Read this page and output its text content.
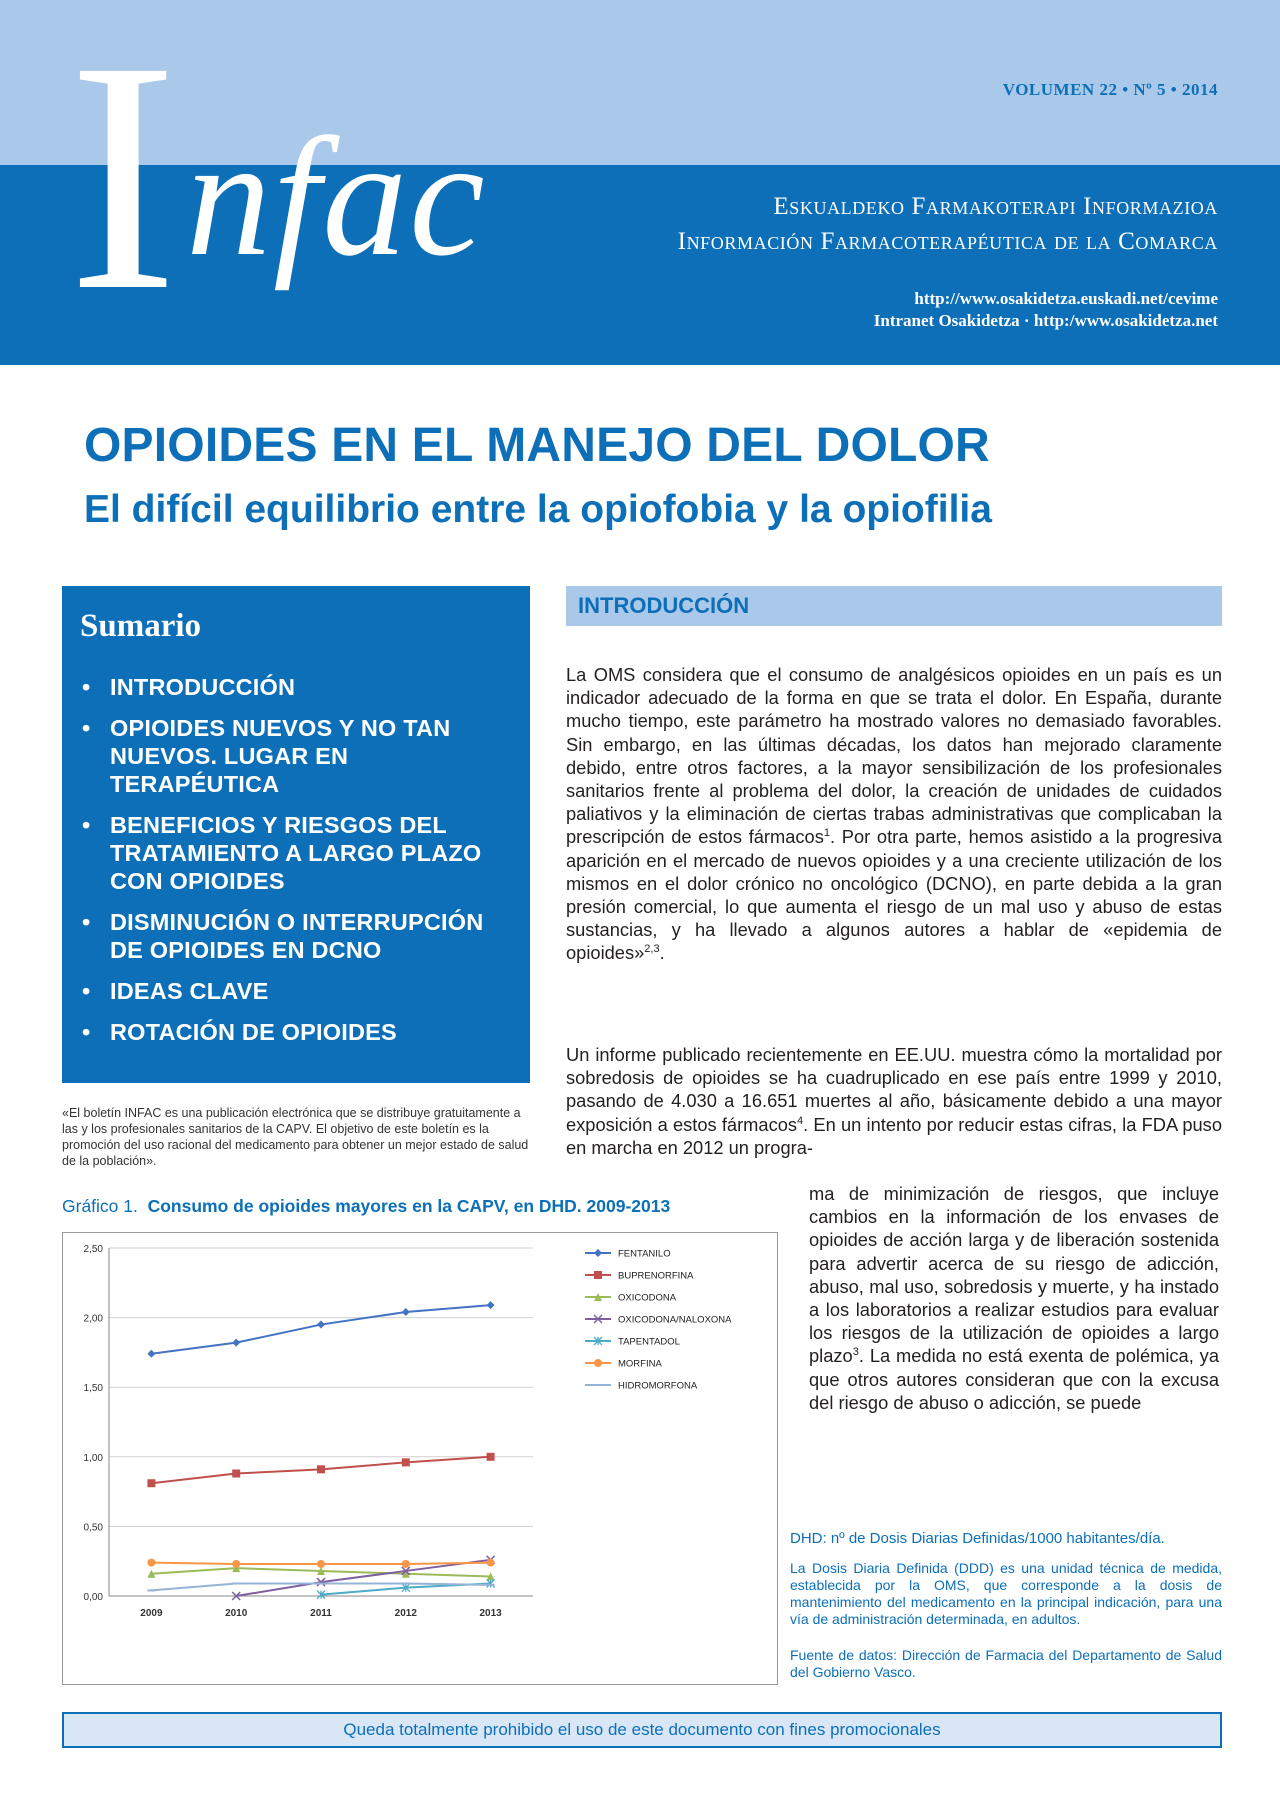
I nfac
VOLUMEN 22 • Nº 5 • 2014
Eskualdeko Farmakoterapi Informazioa
Información Farmacoterapéutica de la Comarca
http://www.osakidetza.euskadi.net/cevime
Intranet Osakidetza · http:/www.osakidetza.net
OPIOIDES EN EL MANEJO DEL DOLOR
El difícil equilibrio entre la opiofobia y la opiofilia
Sumario
• INTRODUCCIÓN
• OPIOIDES NUEVOS Y NO TAN NUEVOS. LUGAR EN TERAPÉUTICA
• BENEFICIOS Y RIESGOS DEL TRATAMIENTO A LARGO PLAZO CON OPIOIDES
• DISMINUCIÓN O INTERRUPCIÓN DE OPIOIDES EN DCNO
• IDEAS CLAVE
• ROTACIÓN DE OPIOIDES

«El boletín INFAC es una publicación electrónica que se distribuye gratuitamente a las y los profesionales sanitarios de la CAPV. El objetivo de este boletín es la promoción del uso racional del medicamento para obtener un mejor estado de salud de la población».

INTRODUCCIÓN

La OMS considera que el consumo de analgésicos opioides en un país es un indicador adecuado de la forma en que se trata el dolor. En España, durante mucho tiempo, este parámetro ha mostrado valores no demasiado favorables. Sin embargo, en las últimas décadas, los datos han mejorado claramente debido, entre otros factores, a la mayor sensibilización de los profesionales sanitarios frente al problema del dolor, la creación de unidades de cuidados paliativos y la eliminación de ciertas trabas administrativas que complicaban la prescripción de estos fármacos$^1$. Por otra parte, hemos asistido a la progresiva aparición en el mercado de nuevos opioides y a una creciente utilización de los mismos en el dolor crónico no oncológico (DCNO), en parte debida a la gran presión comercial, lo que aumenta el riesgo de un mal uso y abuso de estas sustancias, y ha llevado a algunos autores a hablar de «epidemia de opioides»$^{2,3}$.

Un informe publicado recientemente en EE.UU. muestra cómo la mortalidad por sobredosis de opioides se ha cuadruplicado en ese país entre 1999 y 2010, pasando de 4.030 a 16.651 muertes al año, básicamente debido a una mayor exposición a estos fármacos$^4$. En un intento por reducir estas cifras, la FDA puso en marcha en 2012 un progra-

ma de minimización de riesgos, que incluye cambios en la información de los envases de opioides de acción larga y de liberación sostenida para advertir acerca de su riesgo de adicción, abuso, mal uso, sobredosis y muerte, y ha instado a los laboratorios a realizar estudios para evaluar los riesgos de la utilización de opioides a largo plazo$^3$. La medida no está exenta de polémica, ya que otros autores consideran que con la excusa del riesgo de abuso o adicción, se puede

Gráfico 1. Consumo de opioides mayores en la CAPV, en DHD. 2009-2013
0,00
0,50
1,00
1,50
2,00
2,50
2009	2010	2011	2012	2013
FENTANILO
BUPRENORFINA
OXICODONA
OXICODONA/NALOXONA
TAPENTADOL
MORFINA
HIDROMORFONA

DHD: nº de Dosis Diarias Definidas/1000 habitantes/día.

La Dosis Diaria Definida (DDD) es una unidad técnica de medida, establecida por la OMS, que corresponde a la dosis de mantenimiento del medicamento en la principal indicación, para una vía de administración determinada, en adultos.

Fuente de datos: Dirección de Farmacia del Departamento de Salud del Gobierno Vasco.

Queda totalmente prohibido el uso de este documento con fines promocionales
